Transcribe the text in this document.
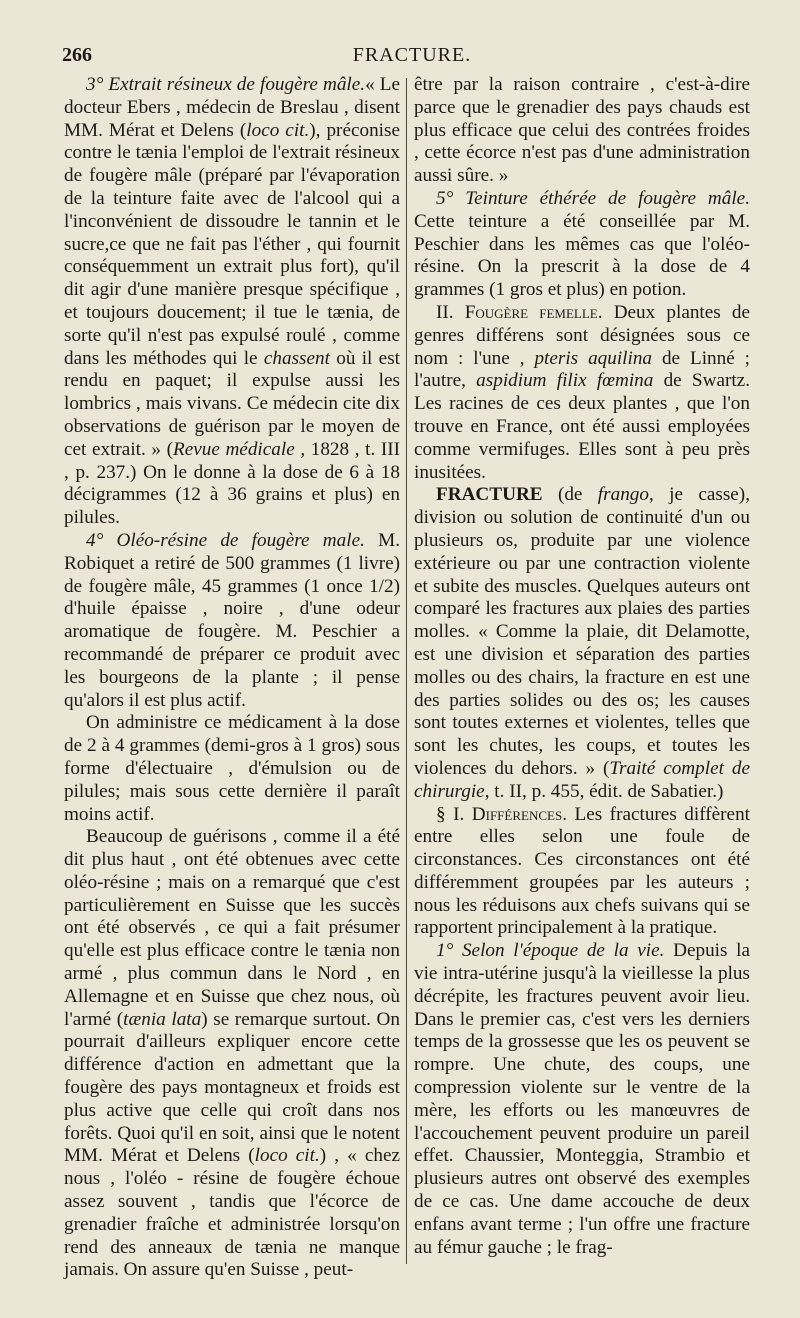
266	FRACTURE.

3° Extrait résineux de fougère mâle.« Le docteur Ebers , médecin de Breslau , disent MM. Mérat et Delens (loco cit.), préconise contre le tænia l'emploi de l'extrait résineux de fougère mâle (préparé par l'évaporation de la teinture faite avec de l'alcool qui a l'inconvénient de dissoudre le tannin et le sucre,ce que ne fait pas l'éther , qui fournit conséquemment un extrait plus fort), qu'il dit agir d'une manière presque spécifique , et toujours doucement; il tue le tænia, de sorte qu'il n'est pas expulsé roulé , comme dans les méthodes qui le chassent où il est rendu en paquet; il expulse aussi les lombrics , mais vivans. Ce médecin cite dix observations de guérison par le moyen de cet extrait. » (Revue médicale , 1828 , t. III , p. 237.) On le donne à la dose de 6 à 18 décigrammes (12 à 36 grains et plus) en pilules.

4° Oléo-résine de fougère male. M. Robiquet a retiré de 500 grammes (1 livre) de fougère mâle, 45 grammes (1 once 1/2) d'huile épaisse , noire , d'une odeur aromatique de fougère. M. Peschier a recommandé de préparer ce produit avec les bourgeons de la plante ; il pense qu'alors il est plus actif.

On administre ce médicament à la dose de 2 à 4 grammes (demi-gros à 1 gros) sous forme d'électuaire , d'émulsion ou de pilules; mais sous cette dernière il paraît moins actif.

Beaucoup de guérisons , comme il a été dit plus haut , ont été obtenues avec cette oléo-résine ; mais on a remarqué que c'est particulièrement en Suisse que les succès ont été observés , ce qui a fait présumer qu'elle est plus efficace contre le tænia non armé , plus commun dans le Nord , en Allemagne et en Suisse que chez nous, où l'armé (tænia lata) se remarque surtout. On pourrait d'ailleurs expliquer encore cette différence d'action en admettant que la fougère des pays montagneux et froids est plus active que celle qui croît dans nos forêts. Quoi qu'il en soit, ainsi que le notent MM. Mérat et Delens (loco cit.) , « chez nous , l'oléo - résine de fougère échoue assez souvent , tandis que l'écorce de grenadier fraîche et administrée lorsqu'on rend des anneaux de tænia ne manque jamais. On assure qu'en Suisse , peut-

être par la raison contraire , c'est-à-dire parce que le grenadier des pays chauds est plus efficace que celui des contrées froides , cette écorce n'est pas d'une administration aussi sûre. »

5° Teinture éthérée de fougère mâle. Cette teinture a été conseillée par M. Peschier dans les mêmes cas que l'oléo-résine. On la prescrit à la dose de 4 grammes (1 gros et plus) en potion.

II. Fougère femelle. Deux plantes de genres différens sont désignées sous ce nom : l'une , pteris aquilina de Linné ; l'autre, aspidium filix fœmina de Swartz. Les racines de ces deux plantes , que l'on trouve en France, ont été aussi employées comme vermifuges. Elles sont à peu près inusitées.

FRACTURE (de frango, je casse), division ou solution de continuité d'un ou plusieurs os, produite par une violence extérieure ou par une contraction violente et subite des muscles. Quelques auteurs ont comparé les fractures aux plaies des parties molles. « Comme la plaie, dit Delamotte, est une division et séparation des parties molles ou des chairs, la fracture en est une des parties solides ou des os; les causes sont toutes externes et violentes, telles que sont les chutes, les coups, et toutes les violences du dehors. » (Traité complet de chirurgie, t. II, p. 455, édit. de Sabatier.)

§ I. Différences. Les fractures diffèrent entre elles selon une foule de circonstances. Ces circonstances ont été différemment groupées par les auteurs ; nous les réduisons aux chefs suivans qui se rapportent principalement à la pratique.

1° Selon l'époque de la vie. Depuis la vie intra-utérine jusqu'à la vieillesse la plus décrépite, les fractures peuvent avoir lieu. Dans le premier cas, c'est vers les derniers temps de la grossesse que les os peuvent se rompre. Une chute, des coups, une compression violente sur le ventre de la mère, les efforts ou les manœuvres de l'accouchement peuvent produire un pareil effet. Chaussier, Monteggia, Strambio et plusieurs autres ont observé des exemples de ce cas. Une dame accouche de deux enfans avant terme ; l'un offre une fracture au fémur gauche ; le frag-
